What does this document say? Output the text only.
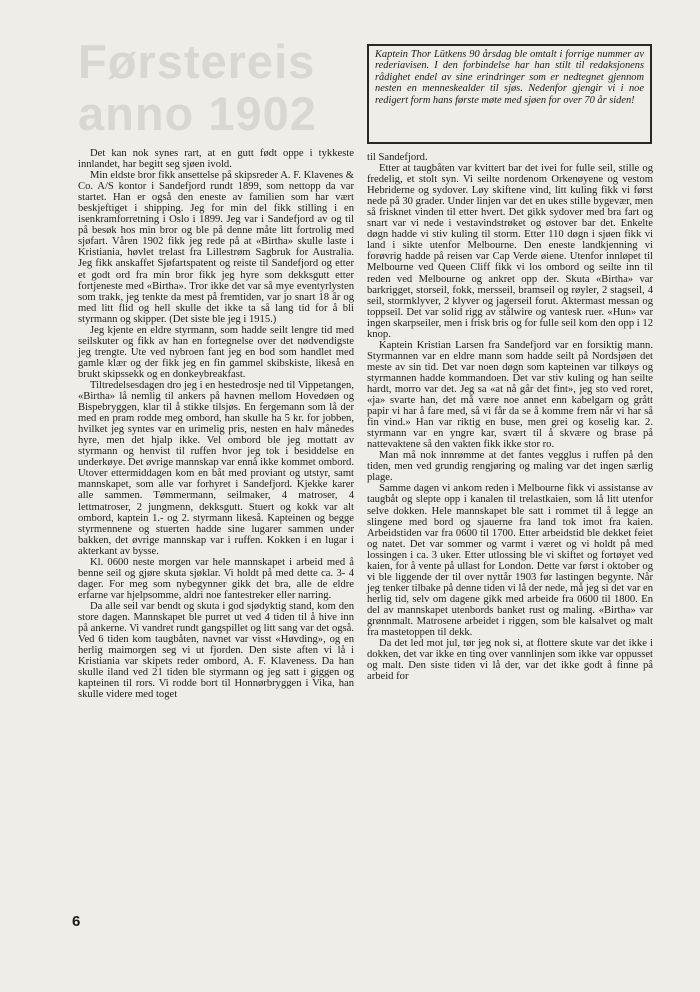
Førstereis
anno 1902

Kaptein Thor Lütkens 90 årsdag ble omtalt i forrige nummer av rederiavisen. I den forbindelse har han stilt til redaksjonens rådighet endel av sine erindringer som er nedtegnet gjennom nesten en menneskealder til sjøs. Nedenfor gjengir vi i noe redigert form hans første møte med sjøen for over 70 år siden!

Det kan nok synes rart, at en gutt født oppe i tykkeste innlandet, har begitt seg sjøen ivold.

Min eldste bror fikk ansettelse på skipsreder A. F. Klavenes & Co. A/S kontor i Sandefjord rundt 1899, som nettopp da var startet. Han er også den eneste av familien som har vært beskjeftiget i shipping. Jeg for min del fikk stilling i en isenkramforretning i Oslo i 1899. Jeg var i Sandefjord av og til på besøk hos min bror og ble på denne måte litt fortrolig med sjøfart. Våren 1902 fikk jeg rede på at «Birtha» skulle laste i Kristiania, høvlet trelast fra Lillestrøm Sagbruk for Australia. Jeg fikk anskaffet Sjøfartspatent og reiste til Sandefjord og etter et godt ord fra min bror fikk jeg hyre som dekksgutt etter fortjeneste med «Birtha». Tror ikke det var så mye eventyrlysten som trakk, jeg tenkte da mest på fremtiden, var jo snart 18 år og med litt flid og hell skulle det ikke ta så lang tid for å bli styrmann og skipper. (Det siste ble jeg i 1915.)

Jeg kjente en eldre styrmann, som hadde seilt lengre tid med seilskuter og fikk av han en fortegnelse over det nødvendigste jeg trengte. Ute ved nybroen fant jeg en bod som handlet med gamle klær og der fikk jeg en fin gammel skibskiste, likeså en brukt skipssekk og en donkeybreakfast.

Tiltredelsesdagen dro jeg i en hestedrosje ned til Vippetangen, «Birtha» lå nemlig til ankers på havnen mellom Hovedøen og Bispebryggen, klar til å stikke tilsjøs. En fergemann som lå der med en pram rodde meg ombord, han skulle ha 5 kr. for jobben, hvilket jeg syntes var en urimelig pris, nesten en halv månedes hyre, men det hjalp ikke. Vel ombord ble jeg mottatt av styrmann og henvist til ruffen hvor jeg tok i besiddelse en underkøye. Det øvrige mannskap var ennå ikke kommet ombord. Utover ettermiddagen kom en båt med proviant og utstyr, samt mannskapet, som alle var forhyret i Sandefjord. Kjekke karer alle sammen. Tømmermann, seilmaker, 4 matroser, 4 lettmatroser, 2 jungmenn, dekksgutt. Stuert og kokk var alt ombord, kaptein 1.- og 2. styrmann likeså. Kapteinen og begge styrmennene og stuerten hadde sine lugarer sammen under bakken, det øvrige mannskap var i ruffen. Kokken i en lugar i akterkant av bysse.

Kl. 0600 neste morgen var hele mannskapet i arbeid med å benne seil og gjøre skuta sjøklar. Vi holdt på med dette ca. 3- 4 dager. For meg som nybegynner gikk det bra, alle de eldre erfarne var hjelpsomme, aldri noe fantestreker eller narring.

Da alle seil var bendt og skuta i god sjødyktig stand, kom den store dagen. Mannskapet ble purret ut ved 4 tiden til å hive inn på ankerne. Vi vandret rundt gangspillet og litt sang var det også. Ved 6 tiden kom taugbåten, navnet var visst «Høvding», og en herlig maimorgen seg vi ut fjorden. Den siste aften vi lå i Kristiania var skipets reder ombord, A. F. Klaveness. Da han skulle iland ved 21 tiden ble styrmann og jeg satt i giggen og kapteinen til rors. Vi rodde bort til Honnørbryggen i Vika, han skulle videre med toget

til Sandefjord.

Etter at taugbåten var kvittert bar det ivei for fulle seil, stille og fredelig, et stolt syn. Vi seilte nordenom Orkenøyene og vestom Hebriderne og sydover. Løy skiftene vind, litt kuling fikk vi først nede på 30 grader. Under linjen var det en ukes stille bygevær, men så frisknet vinden til etter hvert. Det gikk sydover med bra fart og snart var vi nede i vestavindstrøket og østover bar det. Enkelte døgn hadde vi stiv kuling til storm. Etter 110 døgn i sjøen fikk vi land i sikte utenfor Melbourne. Den eneste landkjenning vi forøvrig hadde på reisen var Cap Verde øiene. Utenfor innløpet til Melbourne ved Queen Cliff fikk vi los ombord og seilte inn til reden ved Melbourne og ankret opp der. Skuta «Birtha» var barkrigget, storseil, fokk, mersseil, bramseil og røyler, 2 stagseil, 4 seil, stormklyver, 2 klyver og jagerseil forut. Aktermast messan og toppseil. Det var solid rigg av stålwire og vantesk ruer. «Hun» var ingen skarpseiler, men i frisk bris og for fulle seil kom den opp i 12 knop.

Kaptein Kristian Larsen fra Sandefjord var en forsiktig mann. Styrmannen var en eldre mann som hadde seilt på Nordsjøen det meste av sin tid. Det var noen døgn som kapteinen var tilkøys og styrmannen hadde kommandoen. Det var stiv kuling og han seilte hardt, morro var det. Jeg sa «at nå går det fint», jeg sto ved roret, «ja» svarte han, det må være noe annet enn kabelgarn og grått papir vi har å fare med, så vi får da se å komme frem når vi har så fin vind.» Han var riktig en buse, men grei og koselig kar. 2. styrmann var en yngre kar, svært til å skvære og brase på nattevaktene så den vakten fikk ikke stor ro.

Man må nok innrømme at det fantes vegglus i ruffen på den tiden, men ved grundig rengjøring og maling var det ingen særlig plage.

Samme dagen vi ankom reden i Melbourne fikk vi assistanse av taugbåt og slepte opp i kanalen til trelastkaien, som lå litt utenfor selve dokken. Hele mannskapet ble satt i rommet til å legge an slingene med bord og sjauerne fra land tok imot fra kaien. Arbeidstiden var fra 0600 til 1700. Etter arbeidstid ble dekket feiet og natet. Det var sommer og varmt i været og vi holdt på med lossingen i ca. 3 uker. Etter utlossing ble vi skiftet og fortøyet ved kaien, for å vente på ullast for London. Dette var først i oktober og vi ble liggende der til over nyttår 1903 før lastingen begynte. Når jeg tenker tilbake på denne tiden vi lå der nede, må jeg si det var en herlig tid, selv om dagene gikk med arbeide fra 0600 til 1800. En del av mannskapet utenbords banket rust og maling. «Birtha» var grønnmalt. Matrosene arbeidet i riggen, som ble kalsalvet og malt fra mastetoppen til dekk.

Da det led mot jul, tør jeg nok si, at flottere skute var det ikke i dokken, det var ikke en ting over vannlinjen som ikke var oppusset og malt. Den siste tiden vi lå der, var det ikke godt å finne på arbeid for

6
